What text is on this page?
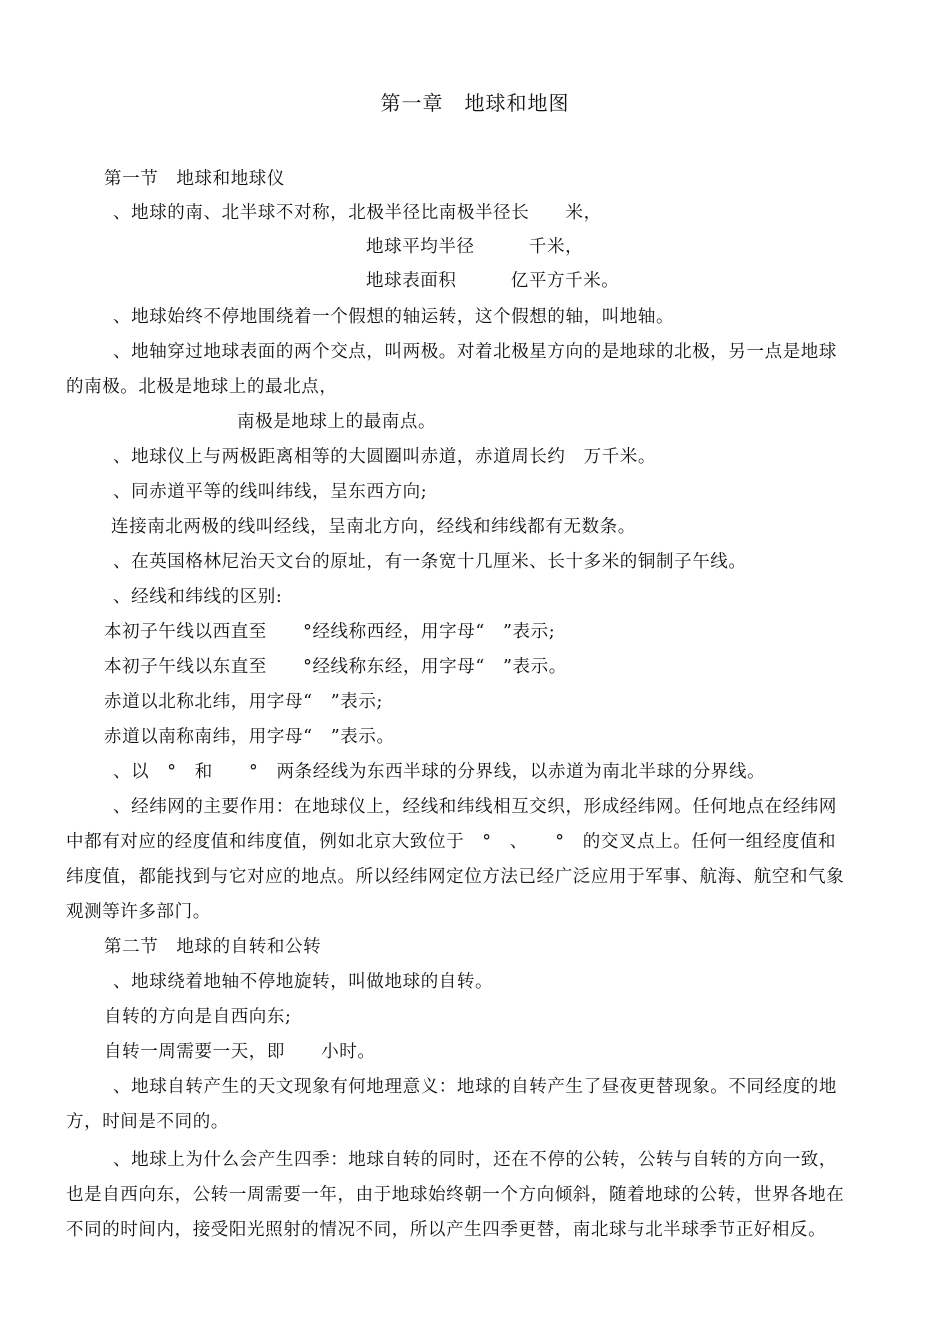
第一章　地球和地图
第一节　地球和地球仪
、地球的南、北半球不对称，北极半径比南极半径长　　米，
地球平均半径　　　千米，
地球表面积　　　亿平方千米。
、地球始终不停地围绕着一个假想的轴运转，这个假想的轴，叫地轴。
、地轴穿过地球表面的两个交点，叫两极。对着北极星方向的是地球的北极，另一点是地球
的南极。北极是地球上的最北点，
南极是地球上的最南点。
、地球仪上与两极距离相等的大圆圈叫赤道，赤道周长约　万千米。
、同赤道平等的线叫纬线，呈东西方向;
连接南北两极的线叫经线，呈南北方向，经线和纬线都有无数条。
、在英国格林尼治天文台的原址，有一条宽十几厘米、长十多米的铜制子午线。
、经线和纬线的区别:
本初子午线以西直至　　°经线称西经，用字母“　”表示;
本初子午线以东直至　　°经线称东经，用字母“　”表示。
赤道以北称北纬，用字母“　”表示;
赤道以南称南纬，用字母“　”表示。
、以　°　和　　°　两条经线为东西半球的分界线，以赤道为南北半球的分界线。
、经纬网的主要作用：在地球仪上，经线和纬线相互交织，形成经纬网。任何地点在经纬网
中都有对应的经度值和纬度值，例如北京大致位于　°　、　　°　的交叉点上。任何一组经度值和
纬度值，都能找到与它对应的地点。所以经纬网定位方法已经广泛应用于军事、航海、航空和气象
观测等许多部门。
第二节　地球的自转和公转
、地球绕着地轴不停地旋转，叫做地球的自转。
自转的方向是自西向东;
自转一周需要一天，即　　小时。
、地球自转产生的天文现象有何地理意义：地球的自转产生了昼夜更替现象。不同经度的地
方，时间是不同的。
、地球上为什么会产生四季：地球自转的同时，还在不停的公转，公转与自转的方向一致，
也是自西向东，公转一周需要一年，由于地球始终朝一个方向倾斜，随着地球的公转，世界各地在
不同的时间内，接受阳光照射的情况不同，所以产生四季更替，南北球与北半球季节正好相反。
